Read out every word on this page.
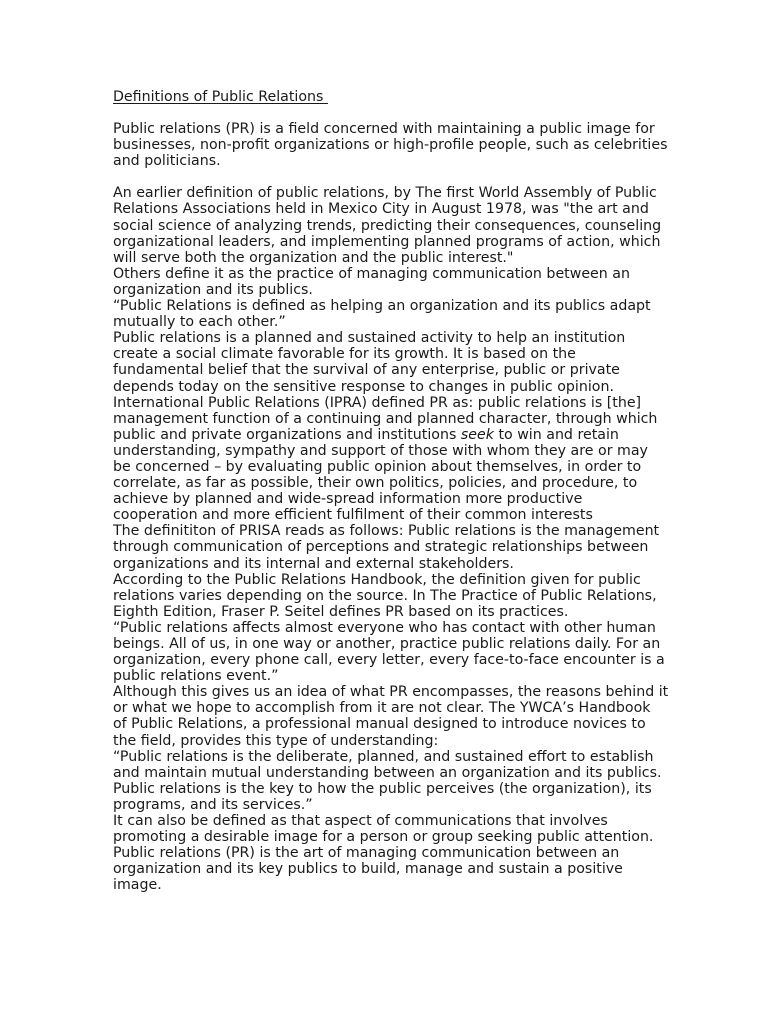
Definitions of Public Relations

Public relations (PR) is a field concerned with maintaining a public image for
businesses, non-profit organizations or high-profile people, such as celebrities
and politicians.

An earlier definition of public relations, by The first World Assembly of Public
Relations Associations held in Mexico City in August 1978, was "the art and
social science of analyzing trends, predicting their consequences, counseling
organizational leaders, and implementing planned programs of action, which
will serve both the organization and the public interest."

Others define it as the practice of managing communication between an
organization and its publics.

“Public Relations is defined as helping an organization and its publics adapt
mutually to each other.”

Public relations is a planned and sustained activity to help an institution
create a social climate favorable for its growth. It is based on the
fundamental belief that the survival of any enterprise, public or private
depends today on the sensitive response to changes in public opinion.

International Public Relations (IPRA) defined PR as: public relations is [the]
management function of a continuing and planned character, through which
public and private organizations and institutions seek to win and retain
understanding, sympathy and support of those with whom they are or may
be concerned – by evaluating public opinion about themselves, in order to
correlate, as far as possible, their own politics, policies, and procedure, to
achieve by planned and wide-spread information more productive
cooperation and more efficient fulfilment of their common interests

The definititon of PRISA reads as follows: Public relations is the management
through communication of perceptions and strategic relationships between
organizations and its internal and external stakeholders.

According to the Public Relations Handbook, the definition given for public
relations varies depending on the source. In The Practice of Public Relations,
Eighth Edition, Fraser P. Seitel defines PR based on its practices.

“Public relations affects almost everyone who has contact with other human
beings. All of us, in one way or another, practice public relations daily. For an
organization, every phone call, every letter, every face-to-face encounter is a
public relations event.”

Although this gives us an idea of what PR encompasses, the reasons behind it
or what we hope to accomplish from it are not clear. The YWCA’s Handbook
of Public Relations, a professional manual designed to introduce novices to
the field, provides this type of understanding:

“Public relations is the deliberate, planned, and sustained effort to establish
and maintain mutual understanding between an organization and its publics.
Public relations is the key to how the public perceives (the organization), its
programs, and its services.”

It can also be defined as that aspect of communications that involves
promoting a desirable image for a person or group seeking public attention.

Public relations (PR) is the art of managing communication between an
organization and its key publics to build, manage and sustain a positive
image.
